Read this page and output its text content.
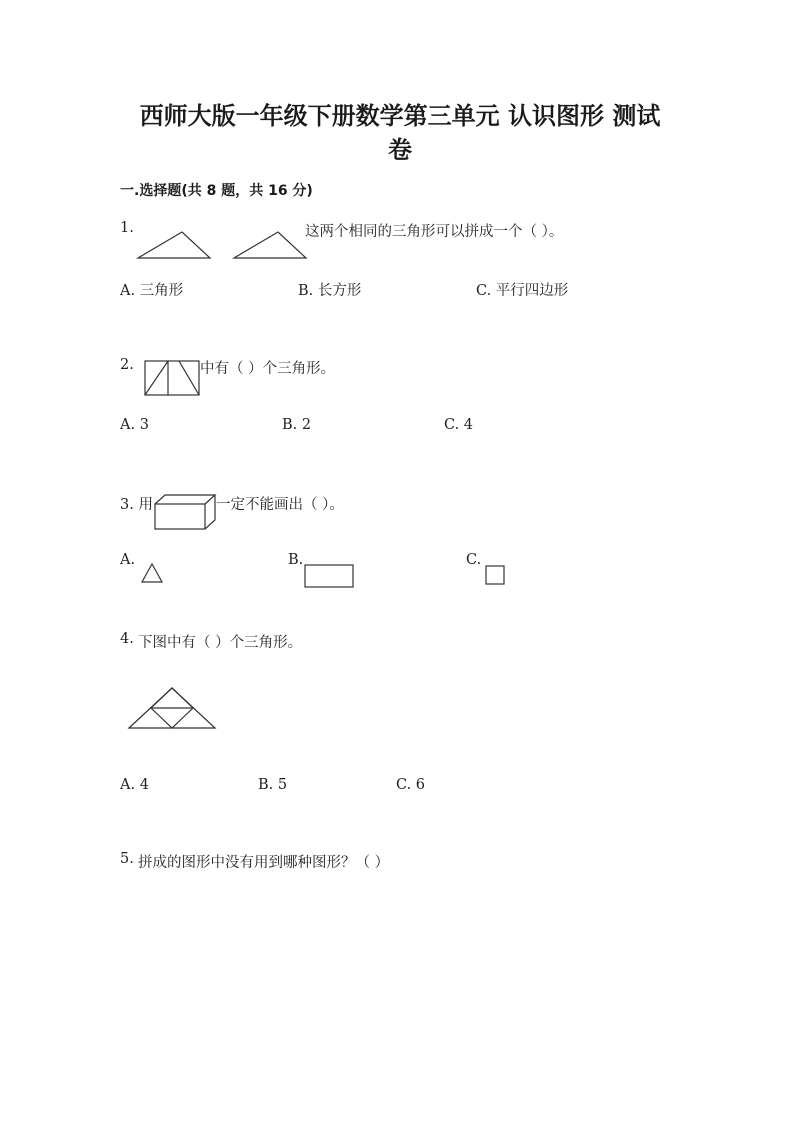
西师大版一年级下册数学第三单元 认识图形 测试
卷
一.选择题(共 8 题，共 16 分)
1.	这两个相同的三角形可以拼成一个（ ）。
A. 三角形	B. 长方形	C. 平行四边形
2.	中有（ ）个三角形。
A. 3	B. 2	C. 4
3. 用	一定不能画出（ ）。
A.	B.	C.
4. 下图中有（ ）个三角形。
A. 4	B. 5	C. 6
5. 拼成的图形中没有用到哪种图形？（ ）
